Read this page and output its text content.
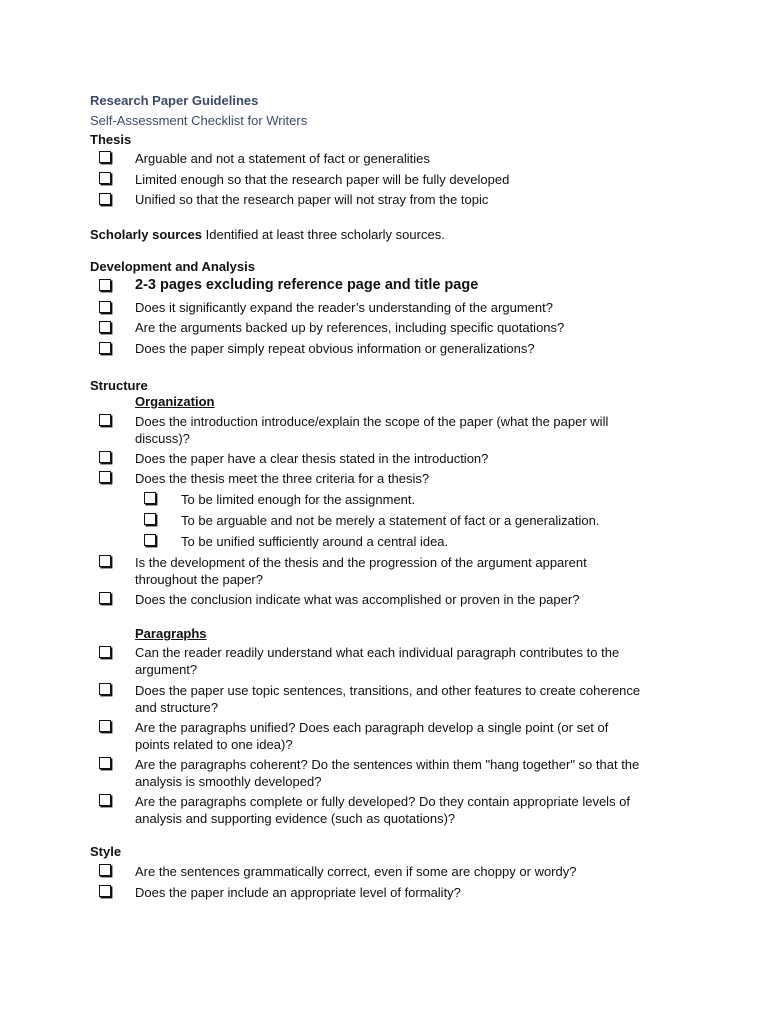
Research Paper Guidelines
Self-Assessment Checklist for Writers
Thesis
Arguable and not a statement of fact or generalities
Limited enough so that the research paper will be fully developed
Unified so that the research paper will not stray from the topic
Scholarly sources Identified at least three scholarly sources.
Development and Analysis
2-3 pages excluding reference page and title page
Does it significantly expand the reader’s understanding of the argument?
Are the arguments backed up by references, including specific quotations?
Does the paper simply repeat obvious information or generalizations?
Structure
Organization
Does the introduction introduce/explain the scope of the paper (what the paper will
discuss)?
Does the paper have a clear thesis stated in the introduction?
Does the thesis meet the three criteria for a thesis?
To be limited enough for the assignment.
To be arguable and not be merely a statement of fact or a generalization.
To be unified sufficiently around a central idea.
Is the development of the thesis and the progression of the argument apparent
throughout the paper?
Does the conclusion indicate what was accomplished or proven in the paper?
Paragraphs
Can the reader readily understand what each individual paragraph contributes to the
argument?
Does the paper use topic sentences, transitions, and other features to create coherence
and structure?
Are the paragraphs unified? Does each paragraph develop a single point (or set of
points related to one idea)?
Are the paragraphs coherent? Do the sentences within them "hang together" so that the
analysis is smoothly developed?
Are the paragraphs complete or fully developed? Do they contain appropriate levels of
analysis and supporting evidence (such as quotations)?
Style
Are the sentences grammatically correct, even if some are choppy or wordy?
Does the paper include an appropriate level of formality?
